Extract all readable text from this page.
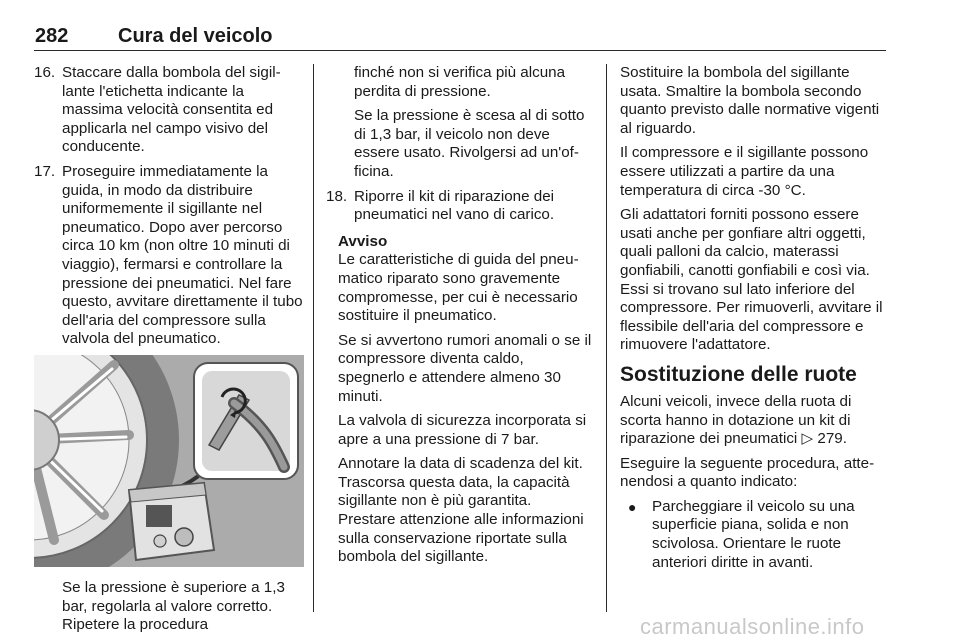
282 Cura del veicolo
16. Staccare dalla bombola del sigillante l'etichetta indicante la massima velocità consentita ed applicarla nel campo visivo del conducente.
17. Proseguire immediatamente la guida, in modo da distribuire uniformemente il sigillante nel pneumatico. Dopo aver percorso circa 10 km (non oltre 10 minuti di viaggio), fermarsi e controllare la pressione dei pneumatici. Nel fare questo, avvitare direttamente il tubo dell'aria del compressore sulla valvola del pneumatico.

Se la pressione è superiore a 1,3 bar, regolarla al valore corretto. Ripetere la procedura

finché non si verifica più alcuna perdita di pressione.

Se la pressione è scesa al di sotto di 1,3 bar, il veicolo non deve essere usato. Rivolgersi ad un'officina.

18. Riporre il kit di riparazione dei pneumatici nel vano di carico.

Avviso

Le caratteristiche di guida del pneumatico riparato sono gravemente compromesse, per cui è necessario sostituire il pneumatico.

Se si avvertono rumori anomali o se il compressore diventa caldo, spegnerlo e attendere almeno 30 minuti.

La valvola di sicurezza incorporata si apre a una pressione di 7 bar.

Annotare la data di scadenza del kit. Trascorsa questa data, la capacità sigillante non è più garantita. Prestare attenzione alle informazioni sulla conservazione riportate sulla bombola del sigillante.

Sostituire la bombola del sigillante usata. Smaltire la bombola secondo quanto previsto dalle normative vigenti al riguardo.

Il compressore e il sigillante possono essere utilizzati a partire da una temperatura di circa -30 °C.

Gli adattatori forniti possono essere usati anche per gonfiare altri oggetti, quali palloni da calcio, materassi gonfiabili, canotti gonfiabili e così via. Essi si trovano sul lato inferiore del compressore. Per rimuoverli, avvitare il flessibile dell'aria del compressore e rimuovere l'adattatore.

Sostituzione delle ruote

Alcuni veicoli, invece della ruota di scorta hanno in dotazione un kit di riparazione dei pneumatici ▷ 279.

Eseguire la seguente procedura, attenendosi a quanto indicato:

● Parcheggiare il veicolo su una superficie piana, solida e non scivolosa. Orientare le ruote anteriori diritte in avanti.
carmanualsonline.info
